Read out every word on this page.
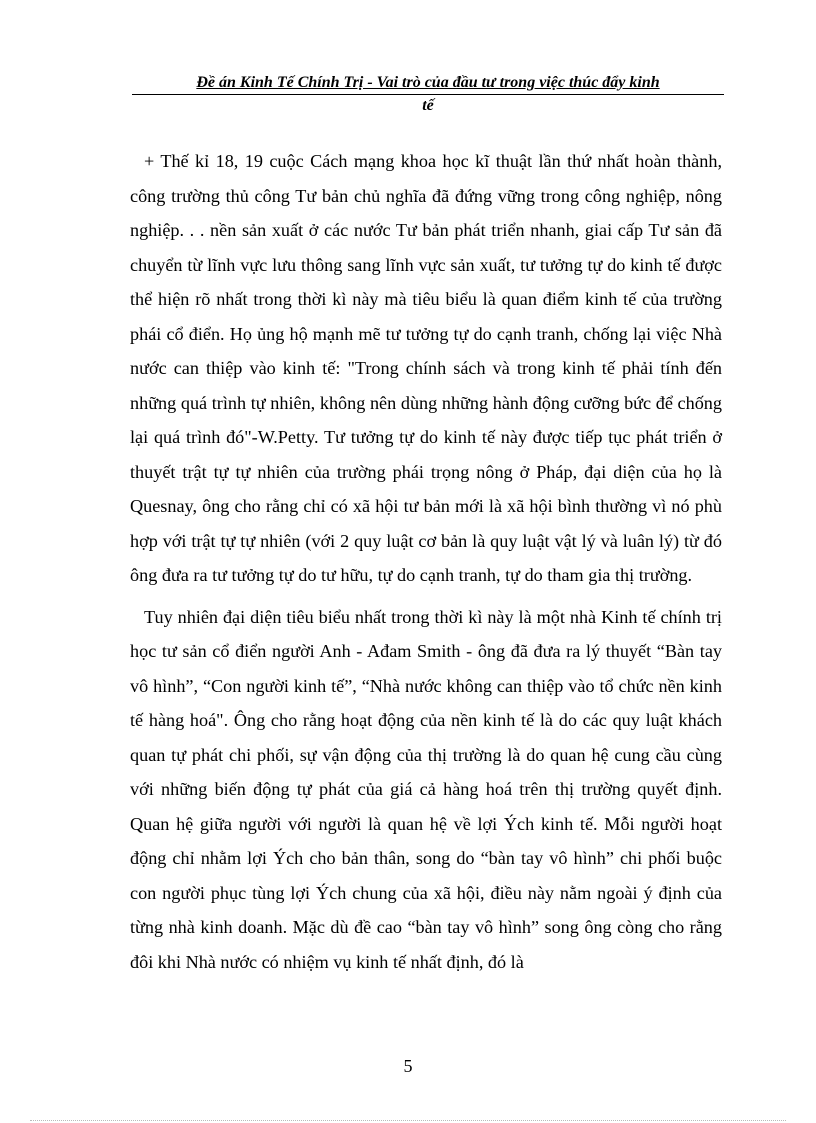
Đề án Kinh Tế Chính Trị - Vai trò của đầu tư trong việc thúc đẩy kinh
tế

+ Thế kỉ 18, 19 cuộc Cách mạng khoa học kĩ thuật lần thứ nhất hoàn thành, công trường thủ công Tư bản chủ nghĩa đã đứng vững trong công nghiệp, nông nghiệp. . . nền sản xuất ở các nước Tư bản phát triển nhanh, giai cấp Tư sản đã chuyển từ lĩnh vực lưu thông sang lĩnh vực sản xuất, tư tưởng tự do kinh tế được thể hiện rõ nhất trong thời kì này mà tiêu biểu là quan điểm kinh tế của trường phái cổ điển. Họ ủng hộ mạnh mẽ tư tưởng tự do cạnh tranh, chống lại việc Nhà nước can thiệp vào kinh tế: "Trong chính sách và trong kinh tế phải tính đến những quá trình tự nhiên, không nên dùng những hành động cưỡng bức để chống lại quá trình đó"-W.Petty. Tư tưởng tự do kinh tế này được tiếp tục phát triển ở thuyết trật tự tự nhiên của trường phái trọng nông ở Pháp, đại diện của họ là Quesnay, ông cho rằng chỉ có xã hội tư bản mới là xã hội bình thường vì nó phù hợp với trật tự tự nhiên (với 2 quy luật cơ bản là quy luật vật lý và luân lý) từ đó ông đưa ra tư tưởng tự do tư hữu, tự do cạnh tranh, tự do tham gia thị trường.

Tuy nhiên đại diện tiêu biểu nhất trong thời kì này là một nhà Kinh tế chính trị học tư sản cổ điển người Anh - Ađam Smith - ông đã đưa ra lý thuyết “Bàn tay vô hình”, “Con người kinh tế”, “Nhà nước không can thiệp vào tổ chức nền kinh tế hàng hoá". Ông cho rằng hoạt động của nền kinh tế là do các quy luật khách quan tự phát chi phối, sự vận động của thị trường là do quan hệ cung cầu cùng với những biến động tự phát của giá cả hàng hoá trên thị trường quyết định. Quan hệ giữa người với người là quan hệ về lợi Ých kinh tế. Mỗi người hoạt động chỉ nhằm lợi Ých cho bản thân, song do “bàn tay vô hình” chi phối buộc con người phục tùng lợi Ých chung của xã hội, điều này nằm ngoài ý định của từng nhà kinh doanh. Mặc dù đề cao “bàn tay vô hình” song ông còng cho rằng đôi khi Nhà nước có nhiệm vụ kinh tế nhất định, đó là

5
